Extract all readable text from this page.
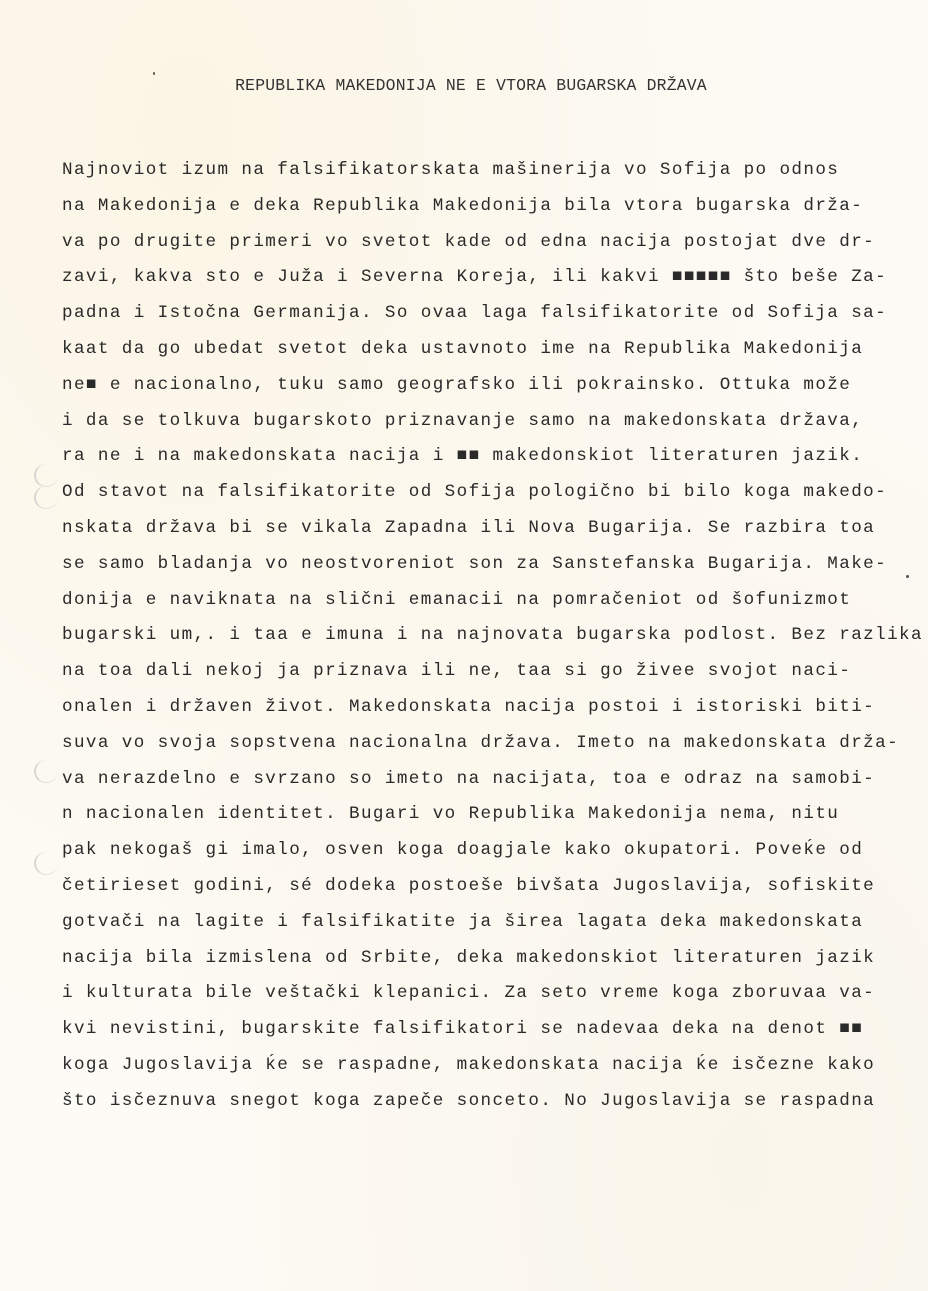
REPUBLIKA MAKEDONIJA NE E VTORA BUGARSKA DRŽAVA
Najnoviot izum na falsifikatorskata mašinerija vo Sofija po odnos
na Makedonija e deka Republika Makedonija bila vtora bugarska drža-
va po drugite primeri vo svetot kade od edna nacija postojat dve dr-
zavi, kakva sto e Juža i Severna Koreja, ili kakvi ■■■■■ što beše Za-
padna i Istočna Germanija. So ovaa laga falsifikatorite od Sofija sa-
kaat da go ubedat svetot deka ustavnoto ime na Republika Makedonija
ne■ e nacionalno, tuku samo geografsko ili pokrainsko. Ottuka može
i da se tolkuva bugarskoto priznavanje samo na makedonskata država,
ra ne i na makedonskata nacija i ■■ makedonskiot literaturen jazik.
Od stavot na falsifikatorite od Sofija pologično bi bilo koga makedo-
nskata država bi se vikala Zapadna ili Nova Bugarija. Se razbira toa
se samo bladanja vo neostvoreniot son za Sanstefanska Bugarija. Make-
donija e naviknata na slični emanacii na pomračeniot od šofunizmot
bugarski um,. i taa e imuna i na najnovata bugarska podlost. Bez razlika
na toa dali nekoj ja priznava ili ne, taa si go živee svojot naci-
onalen i državen život. Makedonskata nacija postoi i istoriski biti-
suva vo svoja sopstvena nacionalna država. Imeto na makedonskata drža-
va nerazdelno e svrzano so imeto na nacijata, toa e odraz na samobi-
n nacionalen identitet. Bugari vo Republika Makedonija nema, nitu
pak nekogaš gi imalo, osven koga doagjale kako okupatori. Poveḱe od
četirieset godini, sé dodeka postoeše bivšata Jugoslavija, sofiskite
gotvači na lagite i falsifikatite ja širea lagata deka makedonskata
nacija bila izmislena od Srbite, deka makedonskiot literaturen jazik
i kulturata bile veštački klepanici. Za seto vreme koga zboruvaa va-
kvi nevistini, bugarskite falsifikatori se nadevaa deka na denot ■■
koga Jugoslavija ḱe se raspadne, makedonskata nacija ḱe isčezne kako
što isčeznuva snegot koga zapeče sonceto. No Jugoslavija se raspadna
